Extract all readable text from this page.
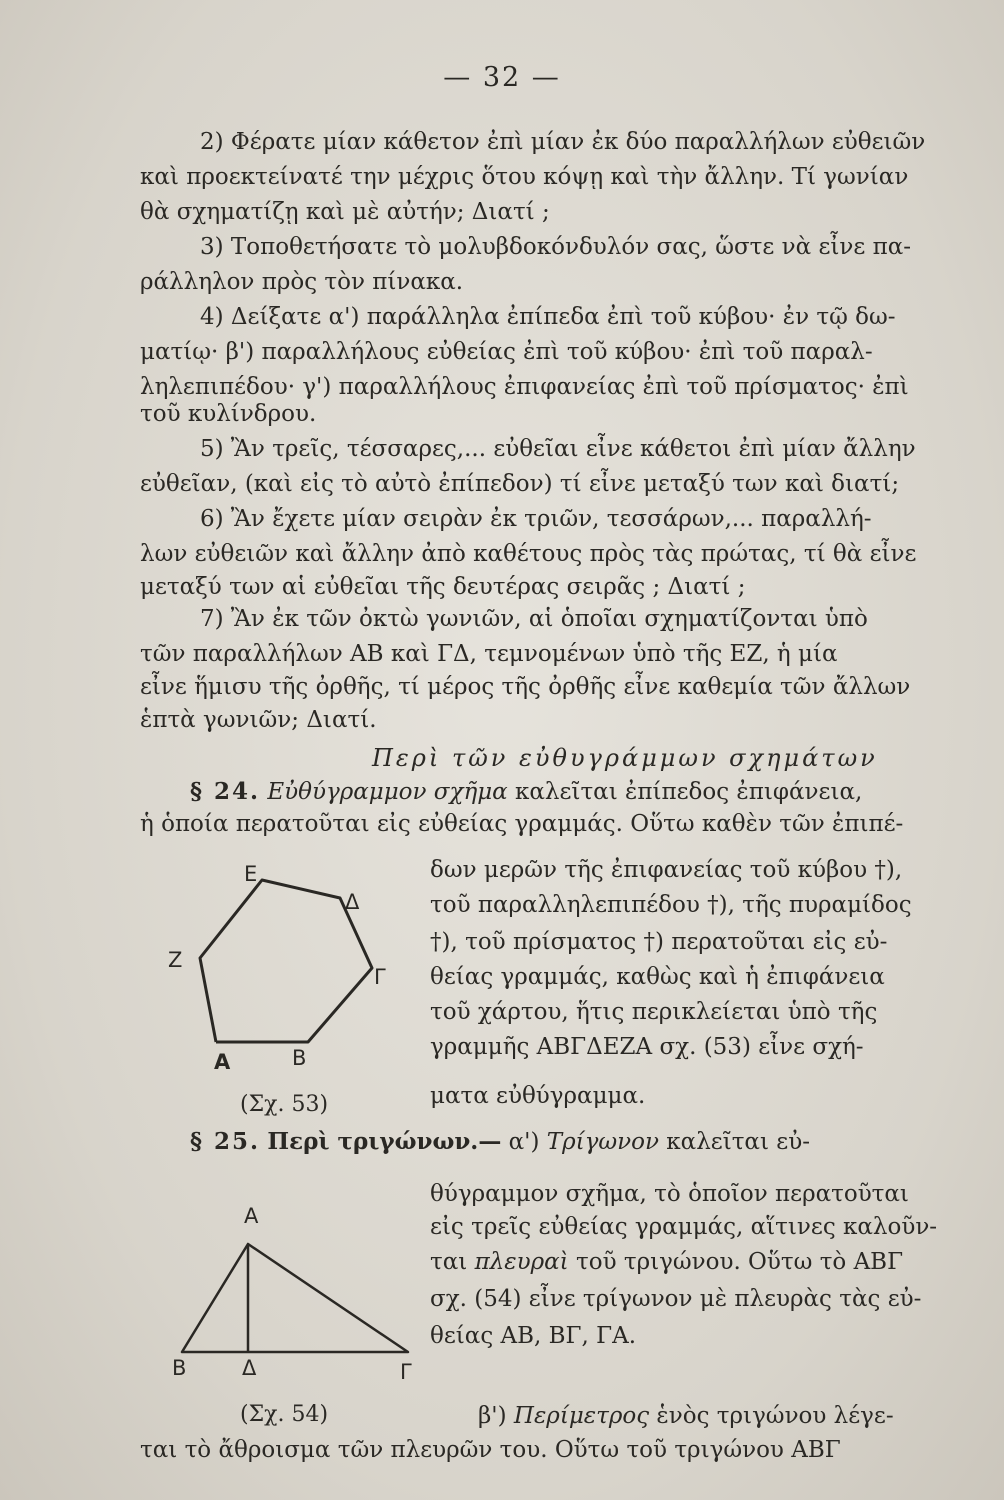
— 32 —
2) Φέρατε μίαν κάθετον ἐπὶ μίαν ἐκ δύο παραλλήλων εὐθειῶν
καὶ προεκτείνατέ την μέχρις ὅτου κόψῃ καὶ τὴν ἄλλην. Τί γωνίαν
θὰ σχηματίζῃ καὶ μὲ αὐτήν; Διατί ;
3) Τοποθετήσατε τὸ μολυβδοκόνδυλόν σας, ὥστε νὰ εἶνε πα-
ράλληλον πρὸς τὸν πίνακα.
4) Δείξατε α') παράλληλα ἐπίπεδα ἐπὶ τοῦ κύβου· ἐν τῷ δω-
ματίῳ· β') παραλλήλους εὐθείας ἐπὶ τοῦ κύβου· ἐπὶ τοῦ παραλ-
ληλεπιπέδου· γ') παραλλήλους ἐπιφανείας ἐπὶ τοῦ πρίσματος· ἐπὶ
τοῦ κυλίνδρου.
5) Ἂν τρεῖς, τέσσαρες,... εὐθεῖαι εἶνε κάθετοι ἐπὶ μίαν ἄλλην
εὐθεῖαν, (καὶ εἰς τὸ αὐτὸ ἐπίπεδον) τί εἶνε μεταξύ των καὶ διατί;
6) Ἂν ἔχετε μίαν σειρὰν ἐκ τριῶν, τεσσάρων,... παραλλή-
λων εὐθειῶν καὶ ἄλλην ἀπὸ καθέτους πρὸς τὰς πρώτας, τί θὰ εἶνε
μεταξύ των αἱ εὐθεῖαι τῆς δευτέρας σειρᾶς ; Διατί ;
7) Ἂν ἐκ τῶν ὀκτὼ γωνιῶν, αἱ ὁποῖαι σχηματίζονται ὑπὸ
τῶν παραλλήλων ΑΒ καὶ ΓΔ, τεμνομένων ὑπὸ τῆς ΕΖ, ἡ μία
εἶνε ἥμισυ τῆς ὀρθῆς, τί μέρος τῆς ὀρθῆς εἶνε καθεμία τῶν ἄλλων
ἑπτὰ γωνιῶν; Διατί.
Περὶ τῶν εὐθυγράμμων σχημάτων
§ 24. Εὐθύγραμμον σχῆμα καλεῖται ἐπίπεδος ἐπιφάνεια,
ἡ ὁποία περατοῦται εἰς εὐθείας γραμμάς. Οὕτω καθὲν τῶν ἐπιπέ-
δων μερῶν τῆς ἐπιφανείας τοῦ κύβου †),
τοῦ παραλληλεπιπέδου †), τῆς πυραμίδος
†), τοῦ πρίσματος †) περατοῦται εἰς εὐ-
θείας γραμμάς, καθὼς καὶ ἡ ἐπιφάνεια
τοῦ χάρτου, ἥτις περικλείεται ὑπὸ τῆς
γραμμῆς ΑΒΓΔΕΖΑ σχ. (53) εἶνε σχή-
ματα εὐθύγραμμα.
E
Δ
Z
Γ
A	B
(Σχ. 53)
§ 25. Περὶ τριγώνων.— α') Τρίγωνον καλεῖται εὐ-
θύγραμμον σχῆμα, τὸ ὁποῖον περατοῦται
εἰς τρεῖς εὐθείας γραμμάς, αἵτινες καλοῦν-
ται πλευραὶ τοῦ τριγώνου. Οὕτω τὸ ΑΒΓ
σχ. (54) εἶνε τρίγωνον μὲ πλευρὰς τὰς εὐ-
θείας ΑΒ, ΒΓ, ΓΑ.
A
B	Δ	Γ
(Σχ. 54)	β') Περίμετρος ἑνὸς τριγώνου λέγε-
ται τὸ ἄθροισμα τῶν πλευρῶν του. Οὕτω τοῦ τριγώνου ΑΒΓ
